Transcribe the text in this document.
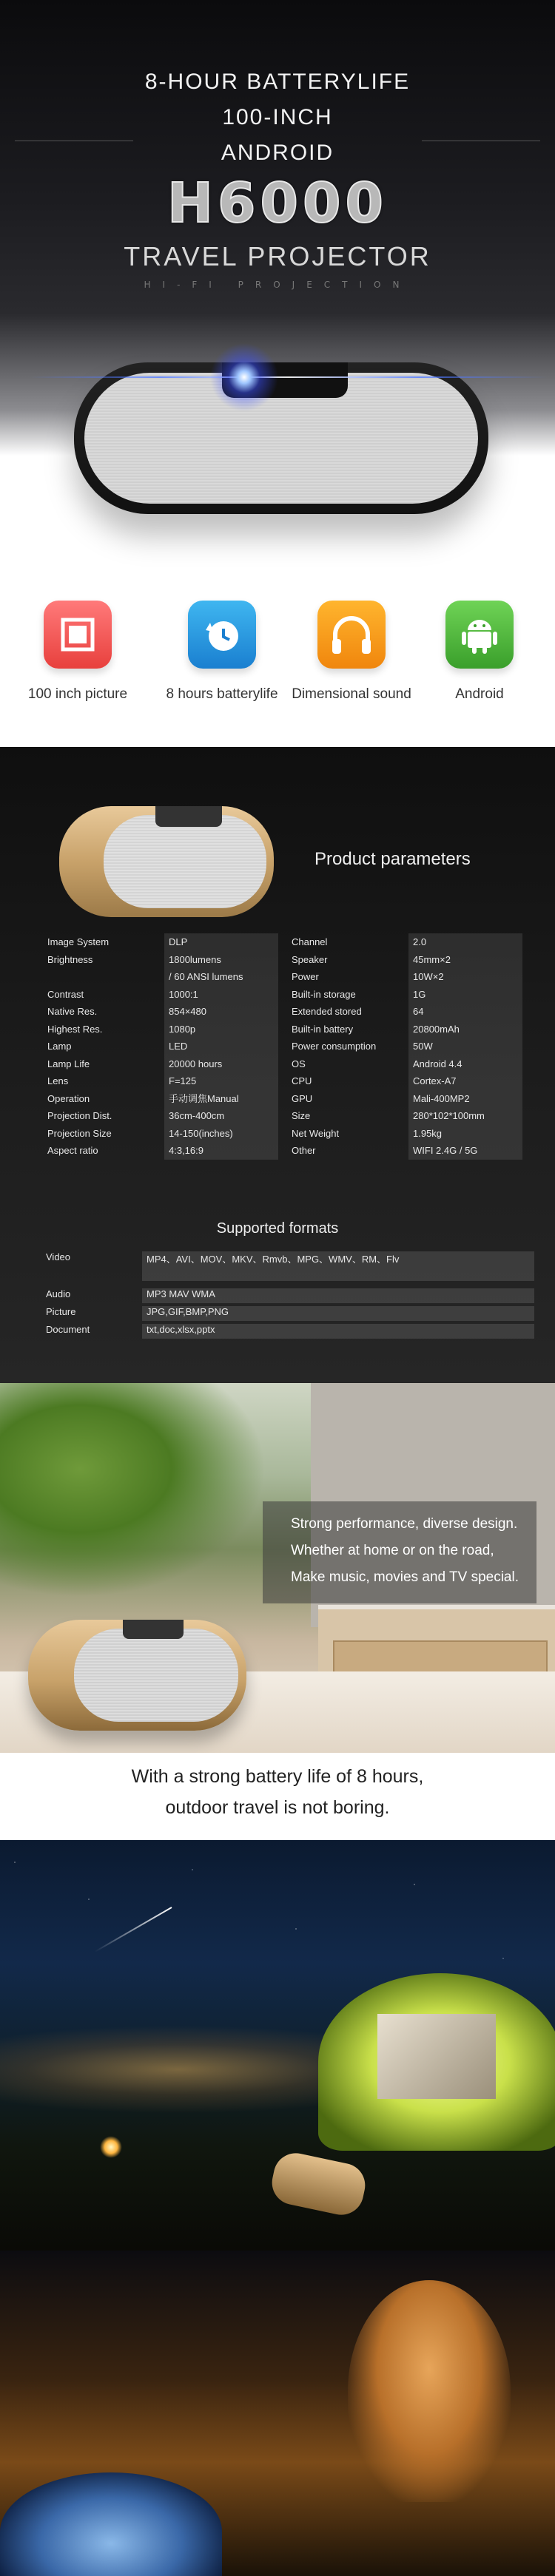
8-HOUR BATTERYLIFE
100-INCH
ANDROID
H6000
TRAVEL PROJECTOR
HI-FI PROJECTION
100 inch picture	8 hours batterylife Dimensional sound	Android
Product parameters
Image System	DLP
Brightness	1800lumens
/ 60 ANSI lumens
Contrast	1000:1
Native Res.	854×480
Highest Res.	1080p
Lamp	LED
Lamp Life	20000 hours
Lens	F=125
Operation	手动调焦Manual
Projection Dist.	36cm-400cm
Projection Size	14-150(inches)
Aspect ratio	4:3,16:9
Channel	2.0
Speaker	45mm×2
Power	10W×2
Built-in storage	1G
Extended stored	64
Built-in battery	20800mAh
Power consumption	50W
OS	Android 4.4
CPU	Cortex-A7
GPU	Mali-400MP2
Size	280*102*100mm
Net Weight	1.95kg
Other	WIFI 2.4G / 5G
Supported formats
Video	MP4、AVI、MOV、MKV、Rmvb、MPG、WMV、RM、Flv
Audio	MP3 MAV WMA
Picture	JPG,GIF,BMP,PNG
Document	txt,doc,xlsx,pptx
Strong performance, diverse design.
Whether at home or on the road,
Make music, movies and TV special.
With a strong battery life of 8 hours,
outdoor travel is not boring.
